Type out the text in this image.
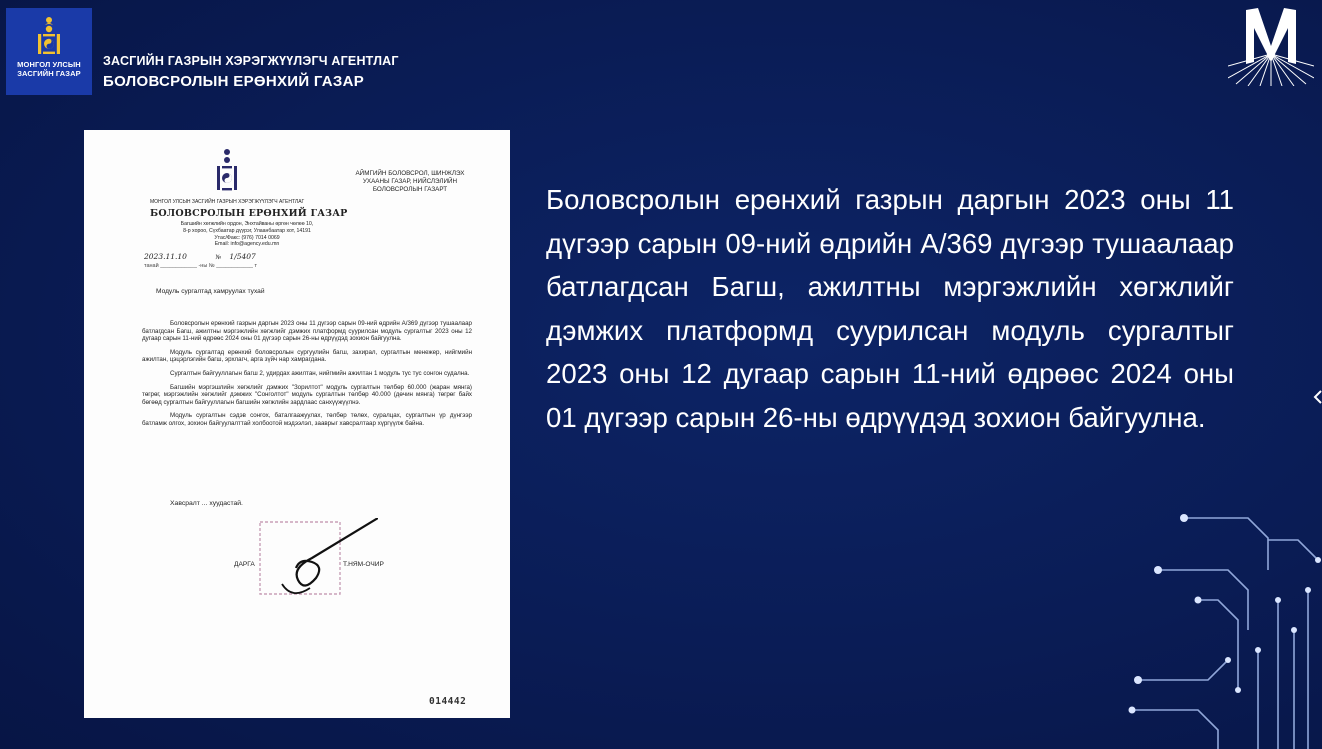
МОНГОЛ УЛСЫН
ЗАСГИЙН ГАЗАР
ЗАСГИЙН ГАЗРЫН ХЭРЭГЖҮҮЛЭГЧ АГЕНТЛАГ
БОЛОВСРОЛЫН ЕРӨНХИЙ ГАЗАР
МОНГОЛ УЛСЫН ЗАСГИЙН ГАЗРЫН ХЭРЭГЖҮҮЛЭГЧ АГЕНТЛАГ
БОЛОВСРОЛЫН ЕРӨНХИЙ ГАЗАР
Багшийн хөгжлийн ордон, Энхтайваны өргөн чөлөө 10,
8-р хороо, Сүхбаатар дүүрэг, Улаанбаатар хот, 14191
Утас/Факс: (976) 7014 0069
Email: info@agency.edu.mn
АЙМГИЙН БОЛОВСРОЛ, ШИНЖЛЭХ
УХААНЫ ГАЗАР, НИЙСЛЭЛИЙН
БОЛОВСРОЛЫН ГАЗАРТ
2023.11.10	№ 1/5407
танай ____________ -ны № ____________ т
Модуль сургалтад хамруулах тухай

Боловсролын ерөнхий газрын даргын 2023 оны 11 дүгээр сарын 09-ний өдрийн А/369 дүгээр тушаалаар батлагдсан Багш, ажилтны мэргэжлийн хөгжлийг дэмжих платформд суурилсан модуль сургалтыг 2023 оны 12 дугаар сарын 11-ний өдрөөс 2024 оны 01 дүгээр сарын 26-ны өдрүүдэд зохион байгуулна.

Модуль сургалтад ерөнхий боловсролын сургуулийн багш, захирал, сургалтын менежер, нийгмийн ажилтан, цэцэрлэгийн багш, эрхлагч, арга зүйч нар хамрагдана.

Сургалтын байгууллагын багш 2, удирдах ажилтан, нийгмийн ажилтан 1 модуль тус тус сонгон судална.

Багшийн мэргэшлийн хөгжлийг дэмжих "Зорилтот" модуль сургалтын төлбөр 60.000 (жаран мянга) төгрөг, мэргэжлийн хөгжлийг дэмжих "Сонголтот" модуль сургалтын төлбөр 40.000 (дөчин мянга) төгрөг байх бөгөөд сургалтын байгууллагын багшийн хөгжлийн зардлаас санхүүжүүлнэ.

Модуль сургалтын сэдэв сонгох, баталгаажуулах, төлбөр төлөх, суралцах, сургалтын үр дүнгээр батламж олгох, зохион байгуулалттай холбоотой мэдээлэл, зааврыг хавсралтаар хүргүүлж байна.

Хавсралт ... хуудастай.
ДАРГА	Т.НЯМ-ОЧИР
014442
Боловсролын ерөнхий газрын даргын 2023 оны 11 дүгээр сарын 09-ний өдрийн А/369 дүгээр тушаалаар батлагдсан Багш, ажилтны мэргэжлийн хөгжлийг дэмжих платформд суурилсан модуль сургалтыг 2023 оны 12 дугаар сарын 11-ний өдрөөс 2024 оны 01 дүгээр сарын 26-ны өдрүүдэд зохион байгуулна.
